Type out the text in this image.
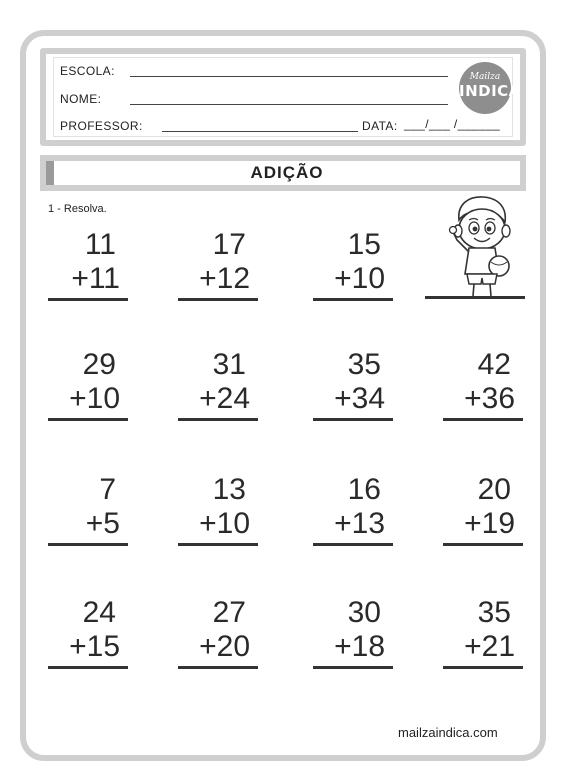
ESCOLA:
NOME:
PROFESSOR:	DATA: ___/___ /______
Mailza
INDICA
ADIÇÃO
1 - Resolva.
11
+11
17
+12
15
+10
29
+10
31
+24
35
+34
42
+36
7
+5
13
+10
16
+13
20
+19
24
+15
27
+20
30
+18
35
+21
mailzaindica.com
